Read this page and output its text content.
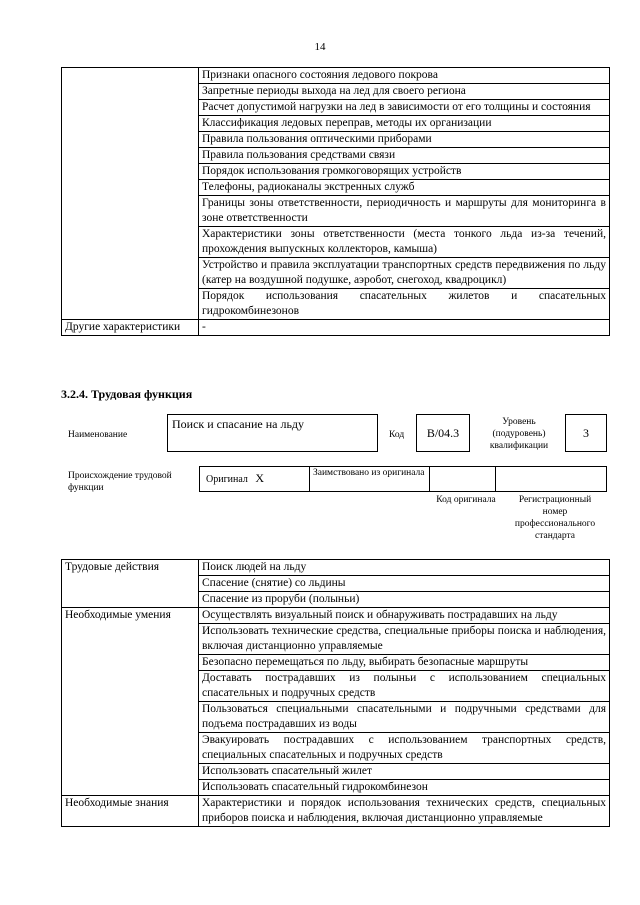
14
	Признаки опасного состояния ледового покрова
	Запретные периоды выхода на лед для своего региона
	Расчет допустимой нагрузки на лед в зависимости от его толщины и состояния
	Классификация ледовых переправ, методы их организации
	Правила пользования оптическими приборами
	Правила пользования средствами связи
	Порядок использования громкоговорящих устройств
	Телефоны, радиоканалы экстренных служб
	Границы зоны ответственности, периодичность и маршруты для мониторинга в зоне ответственности
	Характеристики зоны ответственности (места тонкого льда из-за течений, прохождения выпускных коллекторов, камыша)
	Устройство и правила эксплуатации транспортных средств передвижения по льду (катер на воздушной подушке, аэробот, снегоход, квадроцикл)
	Порядок использования спасательных жилетов и спасательных гидрокомбинезонов
Другие характеристики	-
3.2.4. Трудовая функция
Наименование
Поиск и спасание на льду
Код	B/04.3
Уровень (подуровень) квалификации
3
Происхождение трудовой функции
Оригинал Х	Заимствовано из оригинала		
Код оригинала	Регистрационный номер профессионального стандарта
Трудовые действия	Поиск людей на льду
	Спасение (снятие) со льдины
	Спасение из проруби (полыньи)
Необходимые умения	Осуществлять визуальный поиск и обнаруживать пострадавших на льду
	Использовать технические средства, специальные приборы поиска и наблюдения, включая дистанционно управляемые
	Безопасно перемещаться по льду, выбирать безопасные маршруты
	Доставать пострадавших из полыньи с использованием специальных спасательных и подручных средств
	Пользоваться специальными спасательными и подручными средствами для подъема пострадавших из воды
	Эвакуировать пострадавших с использованием транспортных средств, специальных спасательных и подручных средств
	Использовать спасательный жилет
	Использовать спасательный гидрокомбинезон
Необходимые знания	Характеристики и порядок использования технических средств, специальных приборов поиска и наблюдения, включая дистанционно управляемые
